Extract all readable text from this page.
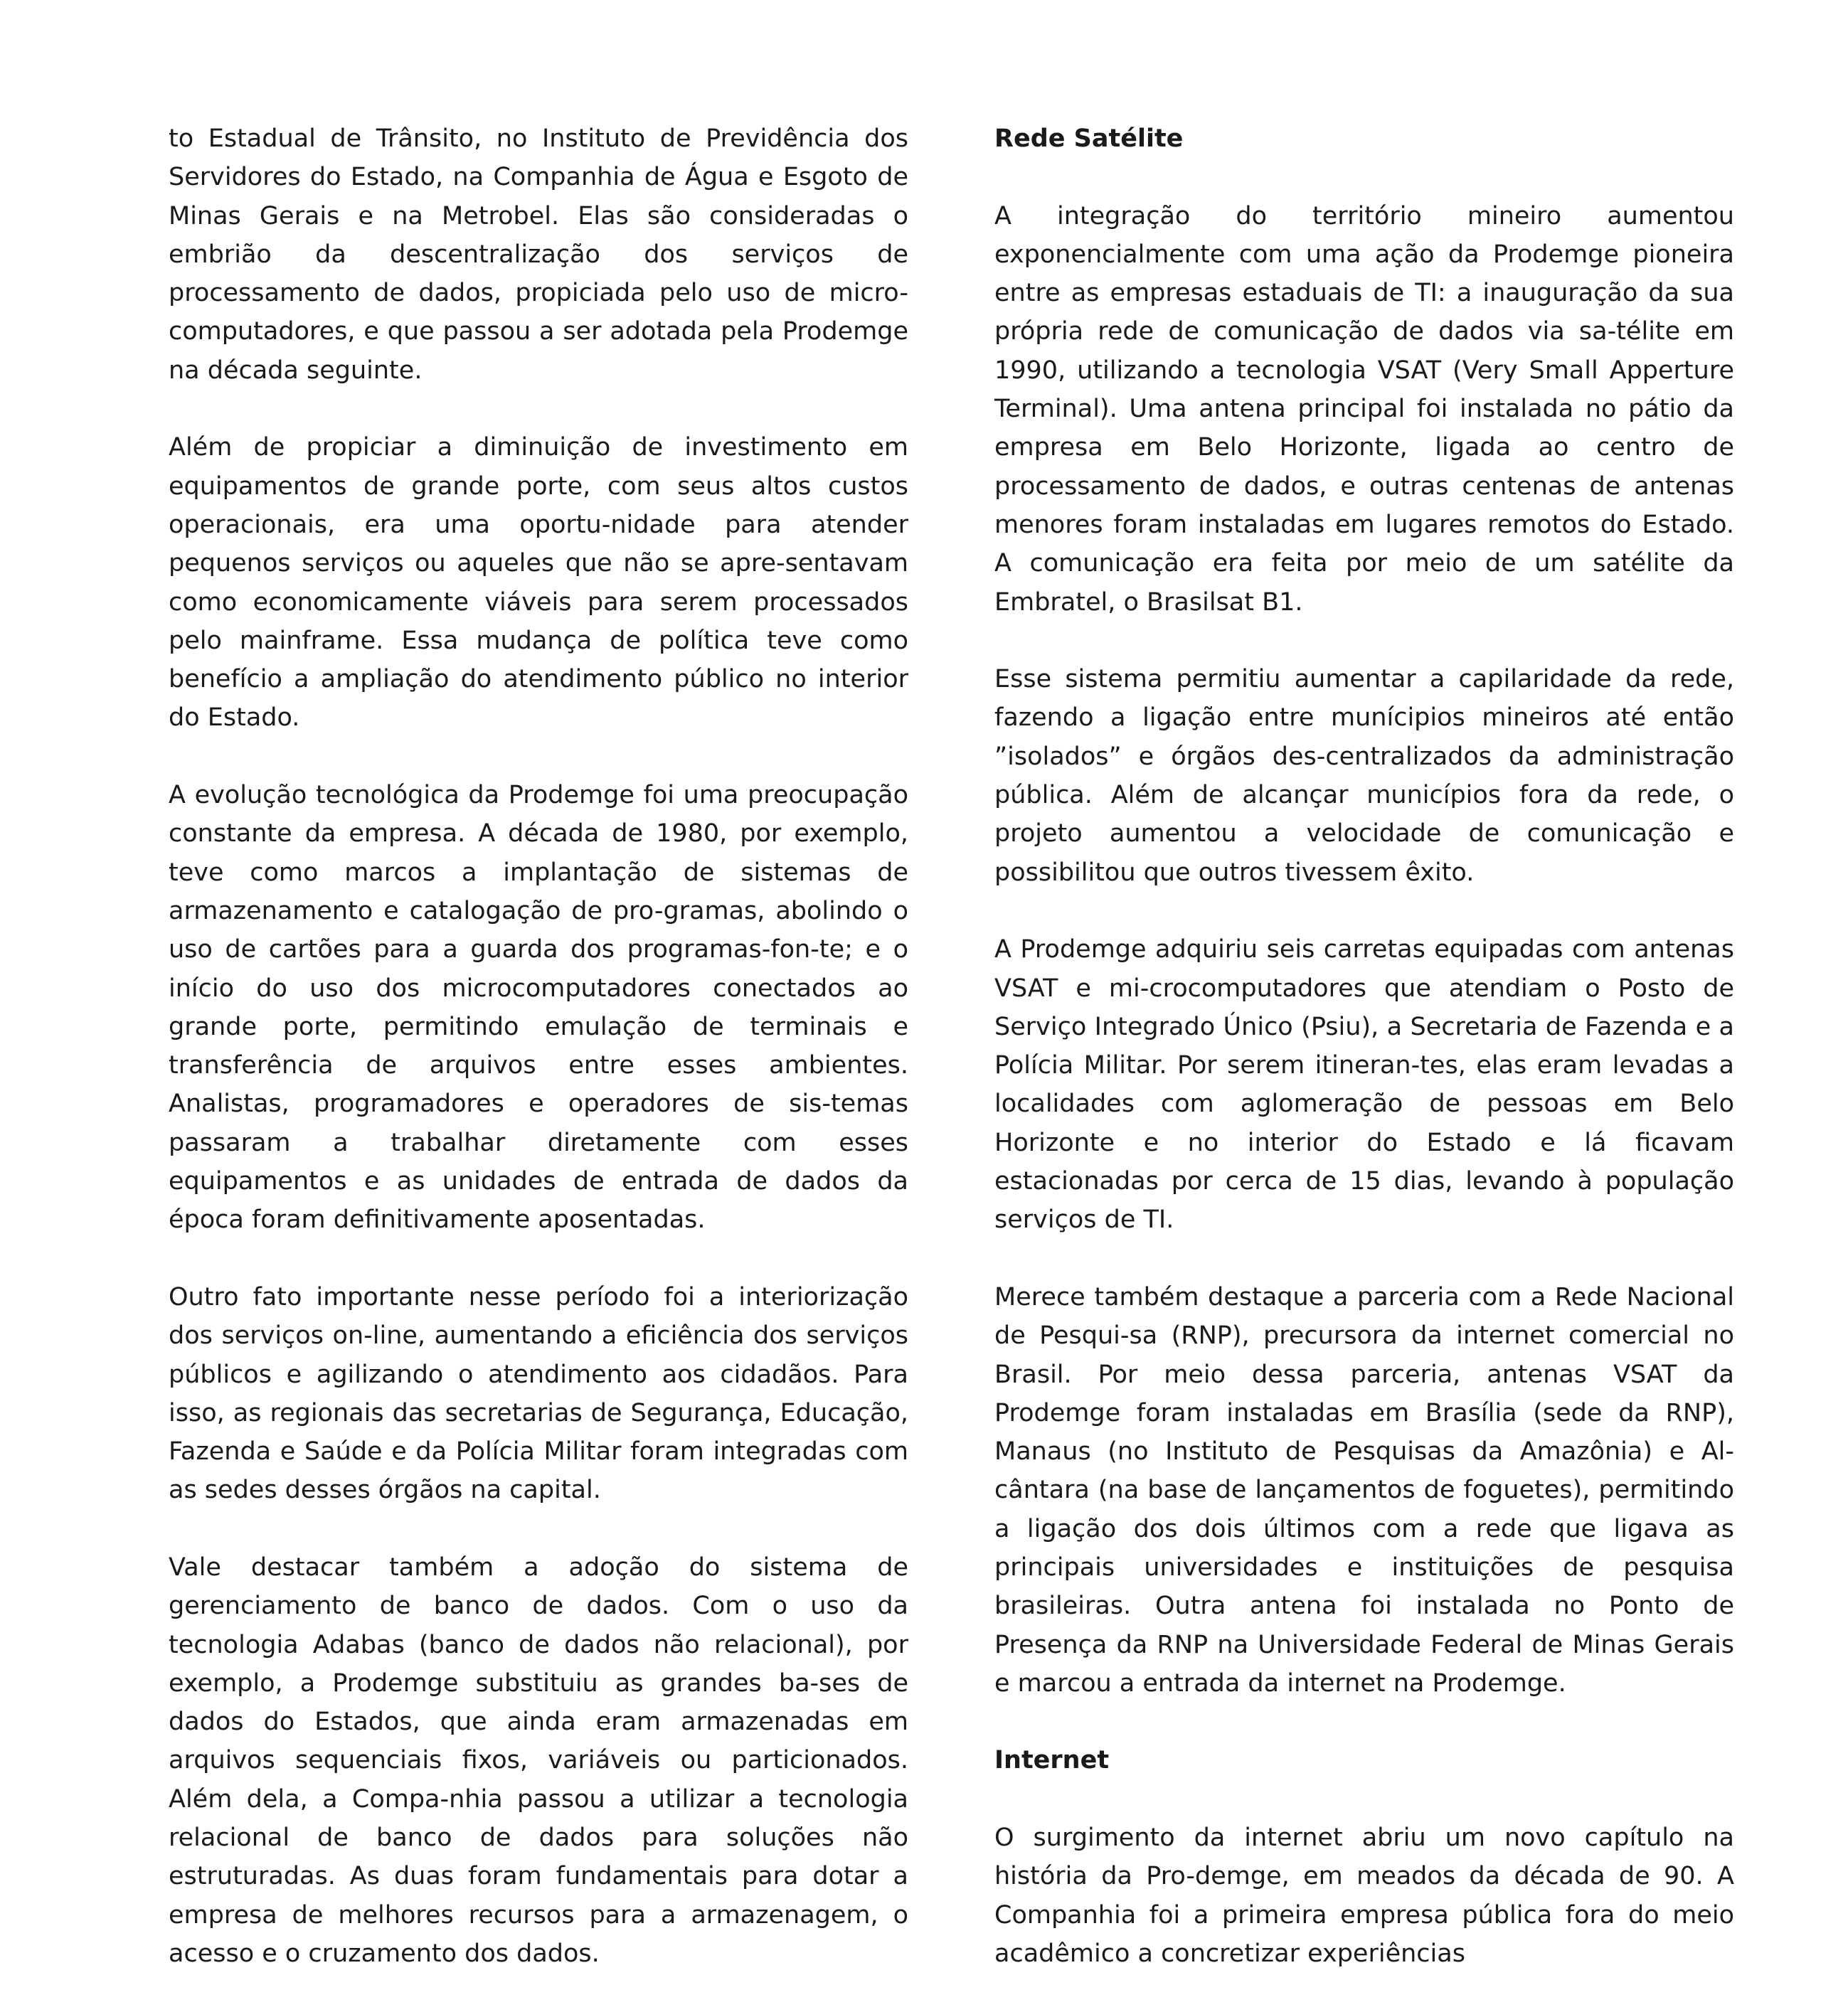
to Estadual de Trânsito, no Instituto de Previdência dos Servidores do Estado, na Companhia de Água e Esgoto de Minas Gerais e na Metrobel. Elas são consideradas o embrião da descentralização dos serviços de processamento de dados, propiciada pelo uso de micro-computadores, e que passou a ser adotada pela Prodemge na década seguinte.

Além de propiciar a diminuição de investimento em equipamentos de grande porte, com seus altos custos operacionais, era uma oportu-nidade para atender pequenos serviços ou aqueles que não se apre-sentavam como economicamente viáveis para serem processados pelo mainframe. Essa mudança de política teve como benefício a ampliação do atendimento público no interior do Estado.

A evolução tecnológica da Prodemge foi uma preocupação constante da empresa. A década de 1980, por exemplo, teve como marcos a implantação de sistemas de armazenamento e catalogação de pro-gramas, abolindo o uso de cartões para a guarda dos programas-fon-te; e o início do uso dos microcomputadores conectados ao grande porte, permitindo emulação de terminais e transferência de arquivos entre esses ambientes. Analistas, programadores e operadores de sis-temas passaram a trabalhar diretamente com esses equipamentos e as unidades de entrada de dados da época foram definitivamente aposentadas.

Outro fato importante nesse período foi a interiorização dos serviços on-line, aumentando a eficiência dos serviços públicos e agilizando o atendimento aos cidadãos. Para isso, as regionais das secretarias de Segurança, Educação, Fazenda e Saúde e da Polícia Militar foram integradas com as sedes desses órgãos na capital.

Vale destacar também a adoção do sistema de gerenciamento de banco de dados. Com o uso da tecnologia Adabas (banco de dados não relacional), por exemplo, a Prodemge substituiu as grandes ba-ses de dados do Estados, que ainda eram armazenadas em arquivos sequenciais fixos, variáveis ou particionados. Além dela, a Compa-nhia passou a utilizar a tecnologia relacional de banco de dados para soluções não estruturadas. As duas foram fundamentais para dotar a empresa de melhores recursos para a armazenagem, o acesso e o cruzamento dos dados.

Rede Satélite

A integração do território mineiro aumentou exponencialmente com uma ação da Prodemge pioneira entre as empresas estaduais de TI: a inauguração da sua própria rede de comunicação de dados via sa-télite em 1990, utilizando a tecnologia VSAT (Very Small Apperture Terminal). Uma antena principal foi instalada no pátio da empresa em Belo Horizonte, ligada ao centro de processamento de dados, e outras centenas de antenas menores foram instaladas em lugares remotos do Estado. A comunicação era feita por meio de um satélite da Embratel, o Brasilsat B1.

Esse sistema permitiu aumentar a capilaridade da rede, fazendo a ligação entre munícipios mineiros até então ”isolados” e órgãos des-centralizados da administração pública. Além de alcançar municípios fora da rede, o projeto aumentou a velocidade de comunicação e possibilitou que outros tivessem êxito.

A Prodemge adquiriu seis carretas equipadas com antenas VSAT e mi-crocomputadores que atendiam o Posto de Serviço Integrado Único (Psiu), a Secretaria de Fazenda e a Polícia Militar. Por serem itineran-tes, elas eram levadas a localidades com aglomeração de pessoas em Belo Horizonte e no interior do Estado e lá ficavam estacionadas por cerca de 15 dias, levando à população serviços de TI.

Merece também destaque a parceria com a Rede Nacional de Pesqui-sa (RNP), precursora da internet comercial no Brasil. Por meio dessa parceria, antenas VSAT da Prodemge foram instaladas em Brasília (sede da RNP), Manaus (no Instituto de Pesquisas da Amazônia) e Al-cântara (na base de lançamentos de foguetes), permitindo a ligação dos dois últimos com a rede que ligava as principais universidades e instituições de pesquisa brasileiras. Outra antena foi instalada no Ponto de Presença da RNP na Universidade Federal de Minas Gerais e marcou a entrada da internet na Prodemge.

Internet

O surgimento da internet abriu um novo capítulo na história da Pro-demge, em meados da década de 90. A Companhia foi a primeira empresa pública fora do meio acadêmico a concretizar experiências
